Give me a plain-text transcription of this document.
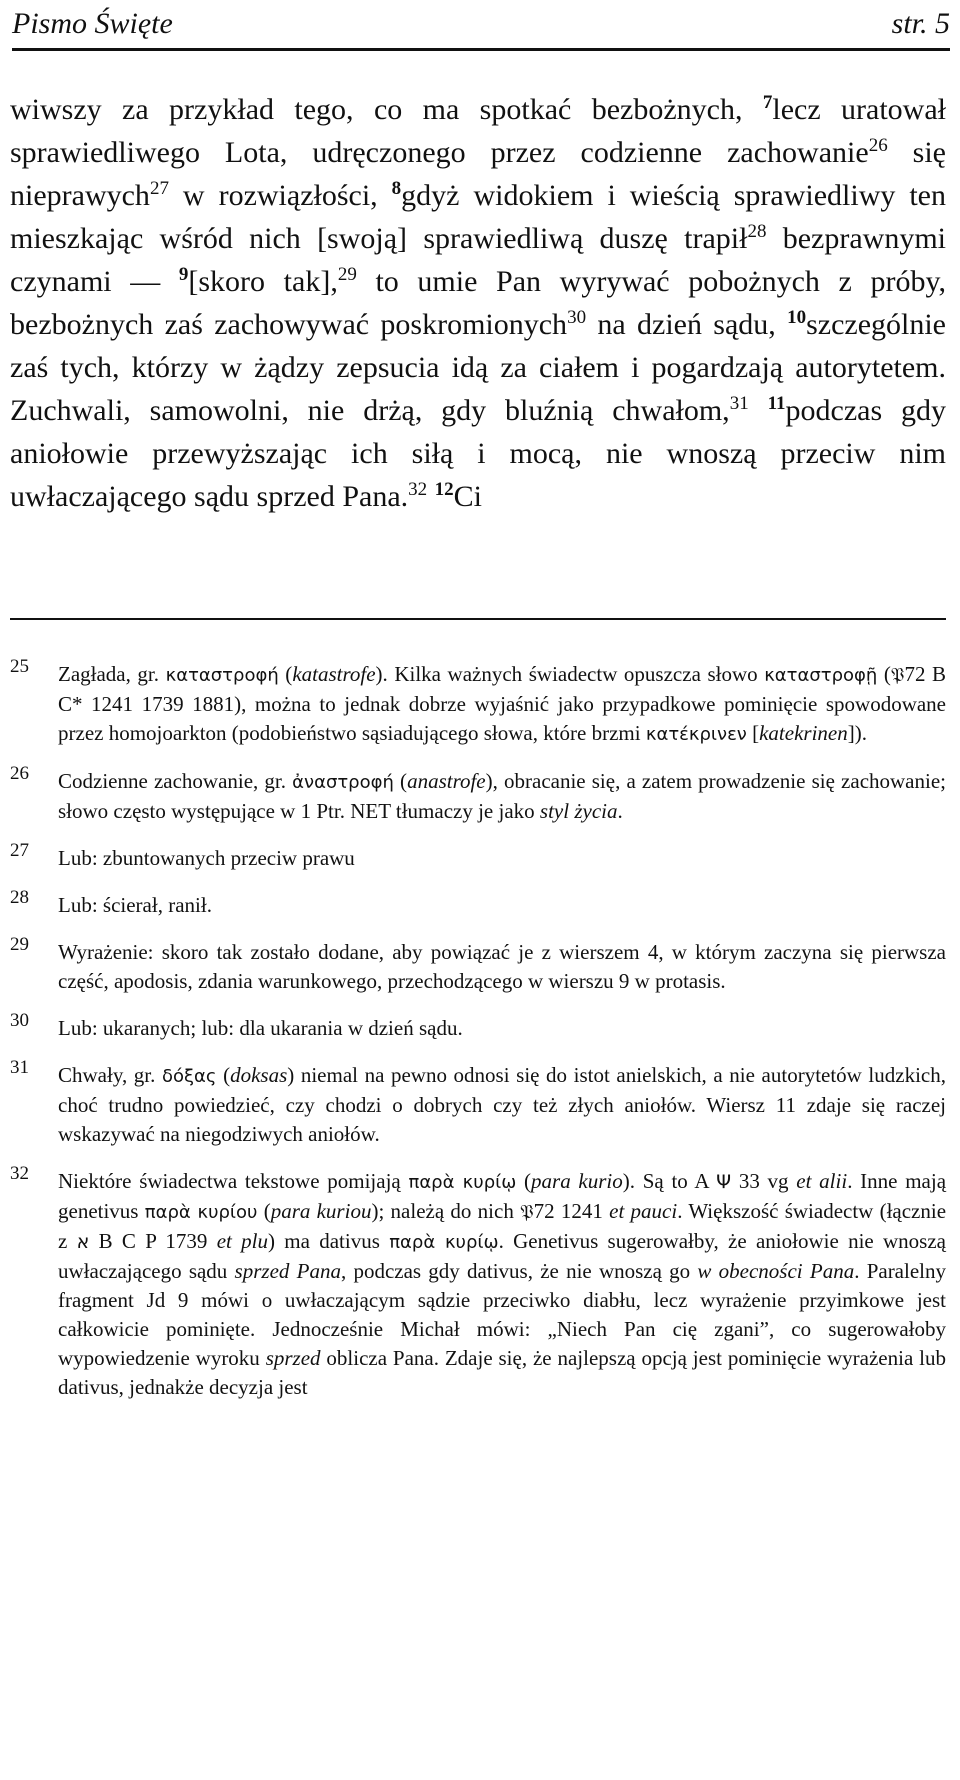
Pismo Święte	str. 5
wiwszy za przykład tego, co ma spotkać bezbożnych, $^7$lecz uratował sprawiedliwego Lota, udręczonego przez codzienne zachowanie$^{26}$ się nieprawych$^{27}$ w rozwiązłości, $^8$gdyż widokiem i wieścią sprawiedliwy ten mieszkając wśród nich [swoją] sprawiedliwą duszę trapił$^{28}$ bezprawnymi czynami — $^9$[skoro tak],$^{29}$ to umie Pan wyrywać pobożnych z próby, bezbożnych zaś zachowywać poskromionych$^{30}$ na dzień sądu, $^{10}$szczególnie zaś tych, którzy w żądzy zepsucia idą za ciałem i pogardzają autorytetem. Zuchwali, samowolni, nie drżą, gdy bluźnią chwałom,$^{31}$ $^{11}$podczas gdy aniołowie przewyższając ich siłą i mocą, nie wnoszą przeciw nim uwłaczającego sądu sprzed Pana.$^{32}$ $^{12}$Ci
25 Zagłada, gr. καταστροφή (katastrofe). Kilka ważnych świadectw opuszcza słowo καταστροφῇ (𝔓72 B C* 1241 1739 1881), można to jednak dobrze wyjaśnić jako przypadkowe pominięcie spowodowane przez homojoarkton (podobieństwo sąsiadującego słowa, które brzmi κατέκρινεν [katekrinen]).
26 Codzienne zachowanie, gr. ἀναστροφή (anastrofe), obracanie się, a zatem prowadzenie się zachowanie; słowo często występujące w 1 Ptr. NET tłumaczy je jako styl życia.
27 Lub: zbuntowanych przeciw prawu
28 Lub: ścierał, ranił.
29 Wyrażenie: skoro tak zostało dodane, aby powiązać je z wierszem 4, w którym zaczyna się pierwsza część, apodosis, zdania warunkowego, przechodzącego w wierszu 9 w protasis.
30 Lub: ukaranych; lub: dla ukarania w dzień sądu.
31 Chwały, gr. δόξας (doksas) niemal na pewno odnosi się do istot anielskich, a nie autorytetów ludzkich, choć trudno powiedzieć, czy chodzi o dobrych czy też złych aniołów. Wiersz 11 zdaje się raczej wskazywać na niegodziwych aniołów.
32 Niektóre świadectwa tekstowe pomijają παρὰ κυρίῳ (para kurio). Są to A Ψ 33 vg et alii. Inne mają genetivus παρὰ κυρίου (para kuriou); należą do nich 𝔓72 1241 et pauci. Większość świadectw (łącznie z א B C P 1739 et plu) ma dativus παρὰ κυρίῳ. Genetivus sugerowałby, że aniołowie nie wnoszą uwłaczającego sądu sprzed Pana, podczas gdy dativus, że nie wnoszą go w obecności Pana. Paralelny fragment Jd 9 mówi o uwłaczającym sądzie przeciwko diabłu, lecz wyrażenie przyimkowe jest całkowicie pominięte. Jednocześnie Michał mówi: „Niech Pan cię zgani”, co sugerowałoby wypowiedzenie wyroku sprzed oblicza Pana. Zdaje się, że najlepszą opcją jest pominięcie wyrażenia lub dativus, jednakże decyzja jest
